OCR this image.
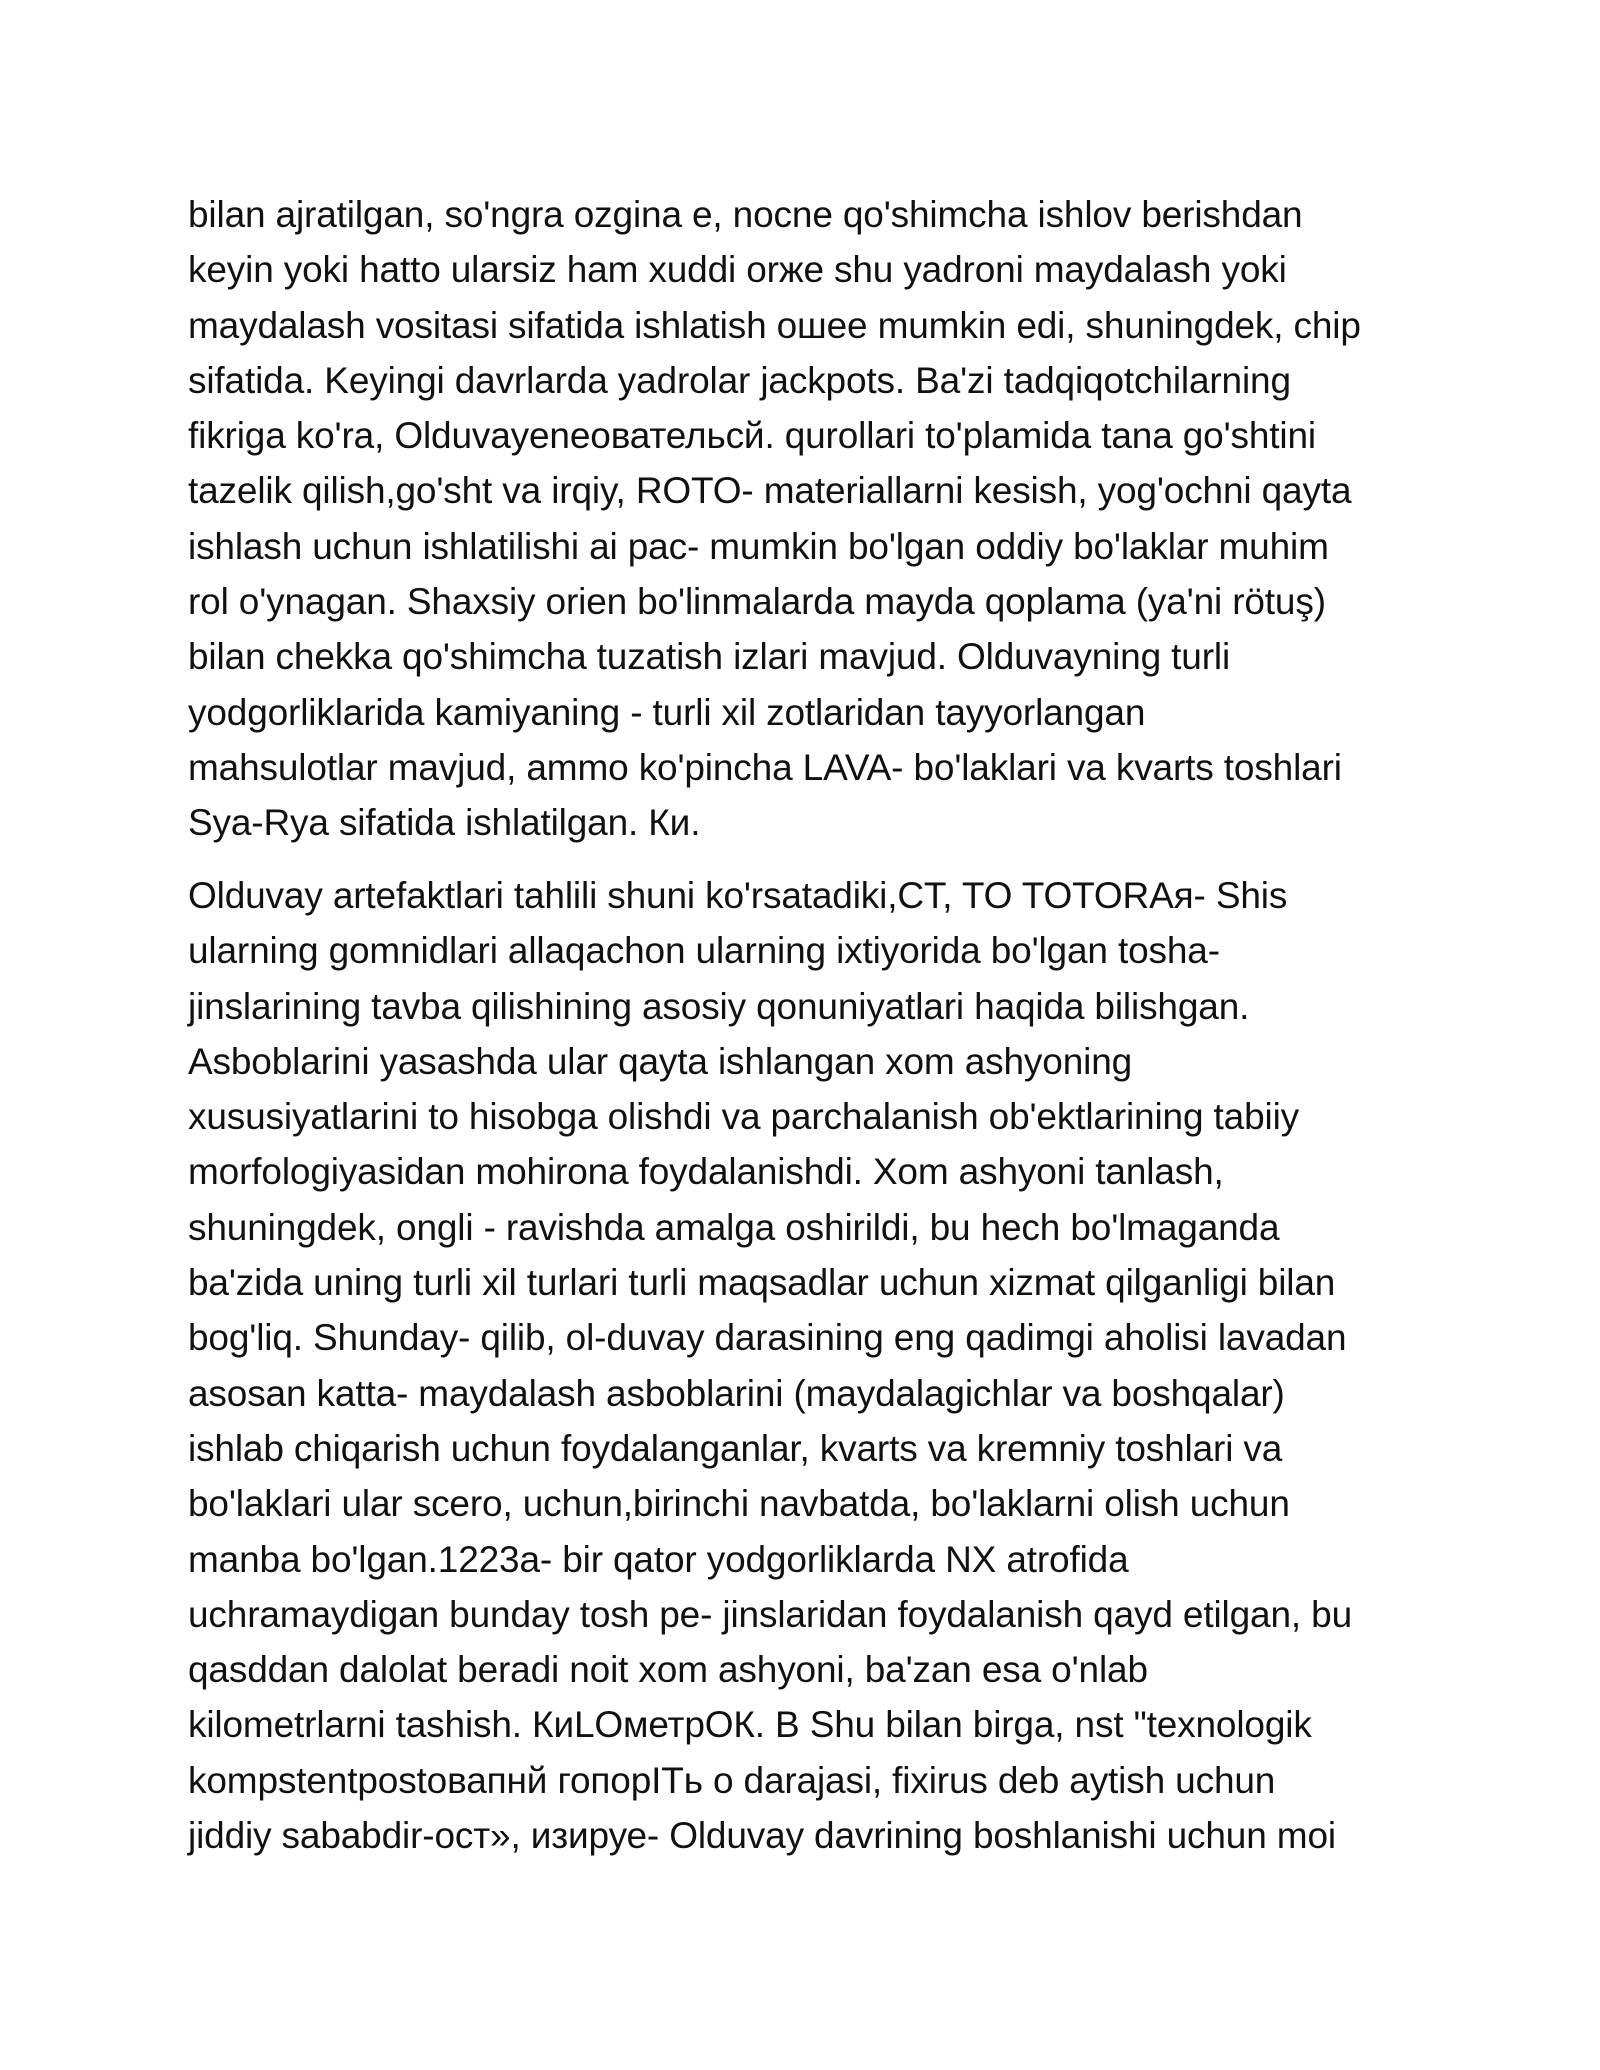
bilan ajratilgan, so'ngra ozgina e, nocne qo'shimcha ishlov berishdan
keyin yoki hatto ularsiz ham xuddi orже shu yadroni maydalash yoki
maydalash vositasi sifatida ishlatish ошее mumkin edi, shuningdek, chip
sifatida. Keyingi davrlarda yadrolar jackpots. Ba'zi tadqiqotchilarning
fikriga ko'ra, Olduvayeneовательсй. qurollari to'plamida tana go'shtini
tazelik qilish,go'sht va irqiy, ROTO- materiallarni kesish, yog'ochni qayta
ishlash uchun ishlatilishi ai pac- mumkin bo'lgan oddiy bo'laklar muhim
rol o'ynagan. Shaxsiy orien bo'linmalarda mayda qoplama (ya'ni rötuş)
bilan chekka qo'shimcha tuzatish izlari mavjud. Olduvayning turli
yodgorliklarida kamiyaning - turli xil zotlaridan tayyorlangan
mahsulotlar mavjud, ammo ko'pincha LAVA- bo'laklari va kvarts toshlari
Sya-Rya sifatida ishlatilgan. Ки.

Olduvay artefaktlari tahlili shuni ko'rsatadiki,CT, TO TOTORAя- Shis
ularning gomnidlari allaqachon ularning ixtiyorida bo'lgan tosha-
jinslarining tavba qilishining asosiy qonuniyatlari haqida bilishgan.
Asboblarini yasashda ular qayta ishlangan xom ashyoning
xususiyatlarini to hisobga olishdi va parchalanish ob'ektlarining tabiiy
morfologiyasidan mohirona foydalanishdi. Xom ashyoni tanlash,
shuningdek, ongli - ravishda amalga oshirildi, bu hech bo'lmaganda
ba'zida uning turli xil turlari turli maqsadlar uchun xizmat qilganligi bilan
bog'liq. Shunday- qilib, ol-duvay darasining eng qadimgi aholisi lavadan
asosan katta- maydalash asboblarini (maydalagichlar va boshqalar)
ishlab chiqarish uchun foydalanganlar, kvarts va kremniy toshlari va
bo'laklari ular scero, uchun,birinchi navbatda, bo'laklarni olish uchun
manba bo'lgan.1223a- bir qator yodgorliklarda NX atrofida
uchramaydigan bunday tosh pe- jinslaridan foydalanish qayd etilgan, bu
qasddan dalolat beradi noit xom ashyoni, ba'zan esa o'nlab
kilometrlarni tashish. КиLOметрОК. B Shu bilan birga, nst "texnologik
kompstentpostовапнй гопорITь o darajasi, fixirus deb aytish uchun
jiddiy sababdir-ост», изируе- Olduvay davrining boshlanishi uchun moi
